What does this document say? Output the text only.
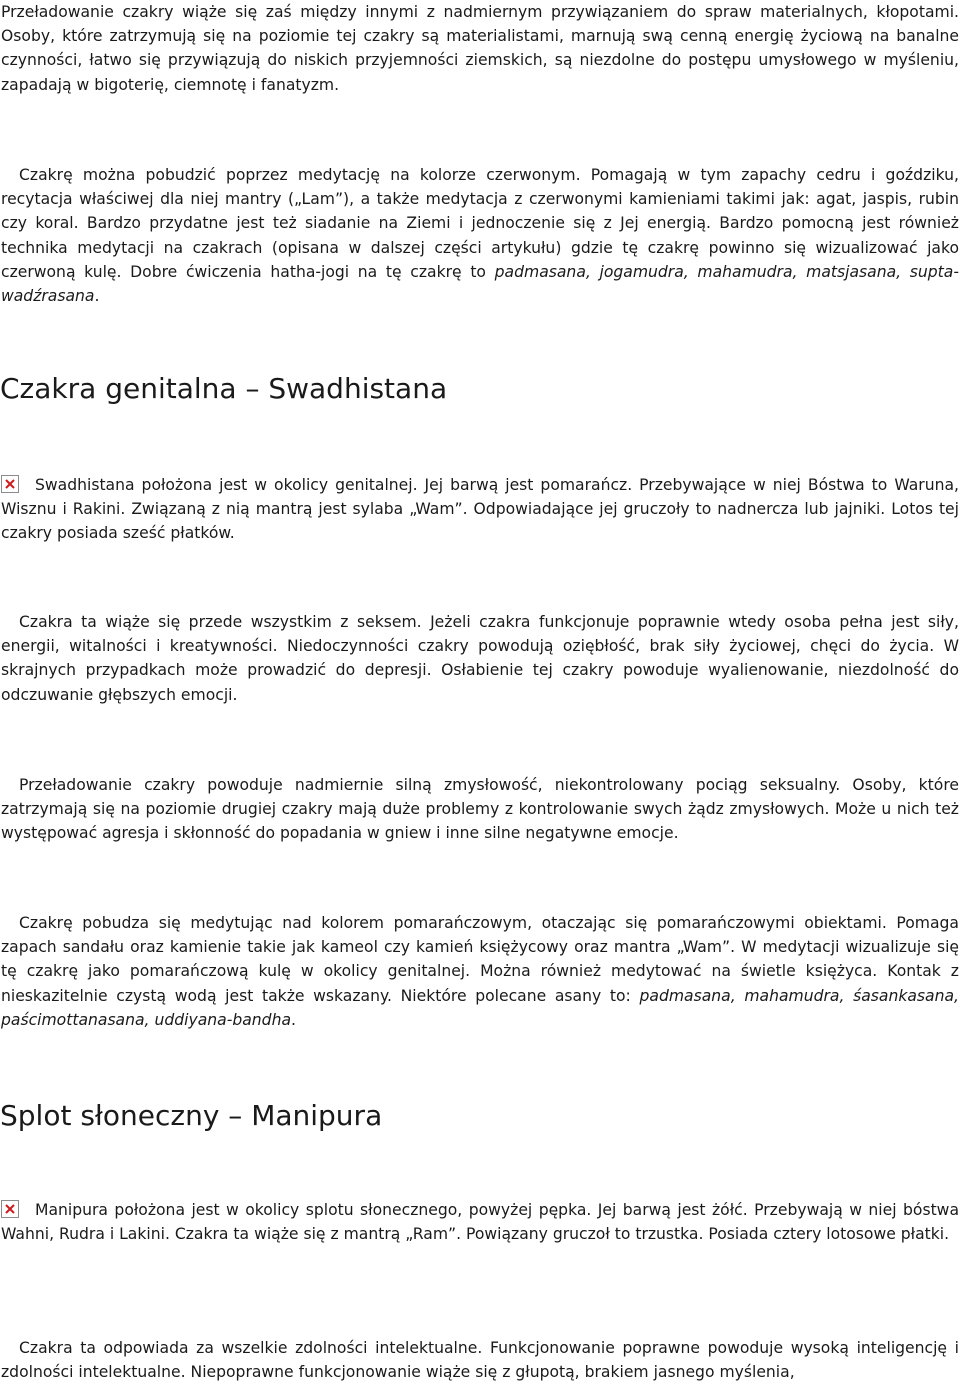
Przeładowanie czakry wiąże się zaś między innymi z nadmiernym przywiązaniem do spraw materialnych, kłopotami. Osoby, które zatrzymują się na poziomie tej czakry są materialistami, marnują swą cenną energię życiową na banalne czynności, łatwo się przywiązują do niskich przyjemności ziemskich, są niezdolne do postępu umysłowego w myśleniu, zapadają w bigoterię, ciemnotę i fanatyzm.

Czakrę można pobudzić poprzez medytację na kolorze czerwonym. Pomagają w tym zapachy cedru i goździku, recytacja właściwej dla niej mantry („Lam”), a także medytacja z czerwonymi kamieniami takimi jak: agat, jaspis, rubin czy koral. Bardzo przydatne jest też siadanie na Ziemi i jednoczenie się z Jej energią. Bardzo pomocną jest również technika medytacji na czakrach (opisana w dalszej części artykułu) gdzie tę czakrę powinno się wizualizować jako czerwoną kulę. Dobre ćwiczenia hatha-jogi na tę czakrę to padmasana, jogamudra, mahamudra, matsjasana, supta-wadźrasana.

Czakra genitalna – Swadhistana

Swadhistana położona jest w okolicy genitalnej. Jej barwą jest pomarańcz. Przebywające w niej Bóstwa to Waruna, Wisznu i Rakini. Związaną z nią mantrą jest sylaba „Wam”. Odpowiadające jej gruczoły to nadnercza lub jajniki. Lotos tej czakry posiada sześć płatków.

Czakra ta wiąże się przede wszystkim z seksem. Jeżeli czakra funkcjonuje poprawnie wtedy osoba pełna jest siły, energii, witalności i kreatywności. Niedoczynności czakry powodują oziębłość, brak siły życiowej, chęci do życia. W skrajnych przypadkach może prowadzić do depresji. Osłabienie tej czakry powoduje wyalienowanie, niezdolność do odczuwanie głębszych emocji.

Przeładowanie czakry powoduje nadmiernie silną zmysłowość, niekontrolowany pociąg seksualny. Osoby, które zatrzymają się na poziomie drugiej czakry mają duże problemy z kontrolowanie swych żądz zmysłowych. Może u nich też występować agresja i skłonność do popadania w gniew i inne silne negatywne emocje.

Czakrę pobudza się medytując nad kolorem pomarańczowym, otaczając się pomarańczowymi obiektami. Pomaga zapach sandału oraz kamienie takie jak kameol czy kamień księżycowy oraz mantra „Wam”. W medytacji wizualizuje się tę czakrę jako pomarańczową kulę w okolicy genitalnej. Można również medytować na świetle księżyca. Kontak z nieskazitelnie czystą wodą jest także wskazany. Niektóre polecane asany to: padmasana, mahamudra, śasankasana, paścimottanasana, uddiyana-bandha.

Splot słoneczny – Manipura

Manipura położona jest w okolicy splotu słonecznego, powyżej pępka. Jej barwą jest żółć. Przebywają w niej bóstwa Wahni, Rudra i Lakini. Czakra ta wiąże się z mantrą „Ram”. Powiązany gruczoł to trzustka. Posiada cztery lotosowe płatki.

Czakra ta odpowiada za wszelkie zdolności intelektualne. Funkcjonowanie poprawne powoduje wysoką inteligencję i zdolności intelektualne. Niepoprawne funkcjonowanie wiąże się z głupotą, brakiem jasnego myślenia,
